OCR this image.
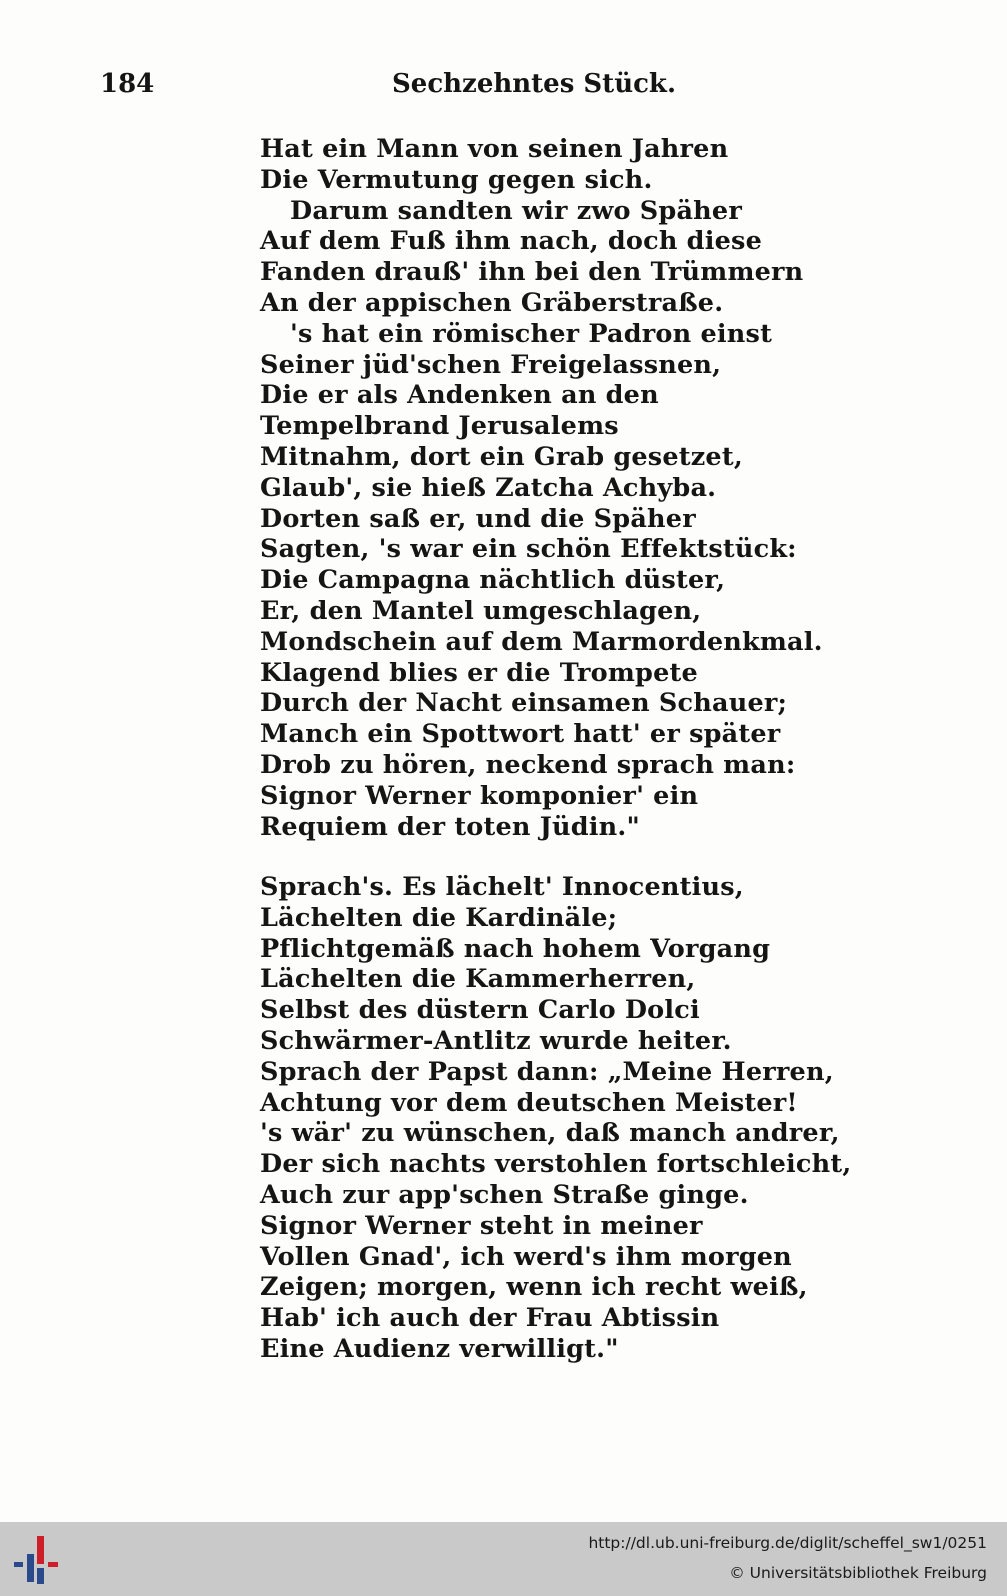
184	Sechzehntes Stück.
Hat ein Mann von seinen Jahren
Die Vermutung gegen sich.
Darum sandten wir zwo Späher
Auf dem Fuß ihm nach, doch diese
Fanden drauß' ihn bei den Trümmern
An der appischen Gräberstraße.
's hat ein römischer Padron einst
Seiner jüd'schen Freigelassnen,
Die er als Andenken an den
Tempelbrand Jerusalems
Mitnahm, dort ein Grab gesetzet,
Glaub', sie hieß Zatcha Achyba.
Dorten saß er, und die Späher
Sagten, 's war ein schön Effektstück:
Die Campagna nächtlich düster,
Er, den Mantel umgeschlagen,
Mondschein auf dem Marmordenkmal.
Klagend blies er die Trompete
Durch der Nacht einsamen Schauer;
Manch ein Spottwort hatt' er später
Drob zu hören, neckend sprach man:
Signor Werner komponier' ein
Requiem der toten Jüdin."
Sprach's. Es lächelt' Innocentius,
Lächelten die Kardinäle;
Pflichtgemäß nach hohem Vorgang
Lächelten die Kammerherren,
Selbst des düstern Carlo Dolci
Schwärmer-Antlitz wurde heiter.
Sprach der Papst dann: „Meine Herren,
Achtung vor dem deutschen Meister!
's wär' zu wünschen, daß manch andrer,
Der sich nachts verstohlen fortschleicht,
Auch zur app'schen Straße ginge.
Signor Werner steht in meiner
Vollen Gnad', ich werd's ihm morgen
Zeigen; morgen, wenn ich recht weiß,
Hab' ich auch der Frau Abtissin
Eine Audienz verwilligt."
http://dl.ub.uni-freiburg.de/diglit/scheffel_sw1/0251
© Universitätsbibliothek Freiburg
